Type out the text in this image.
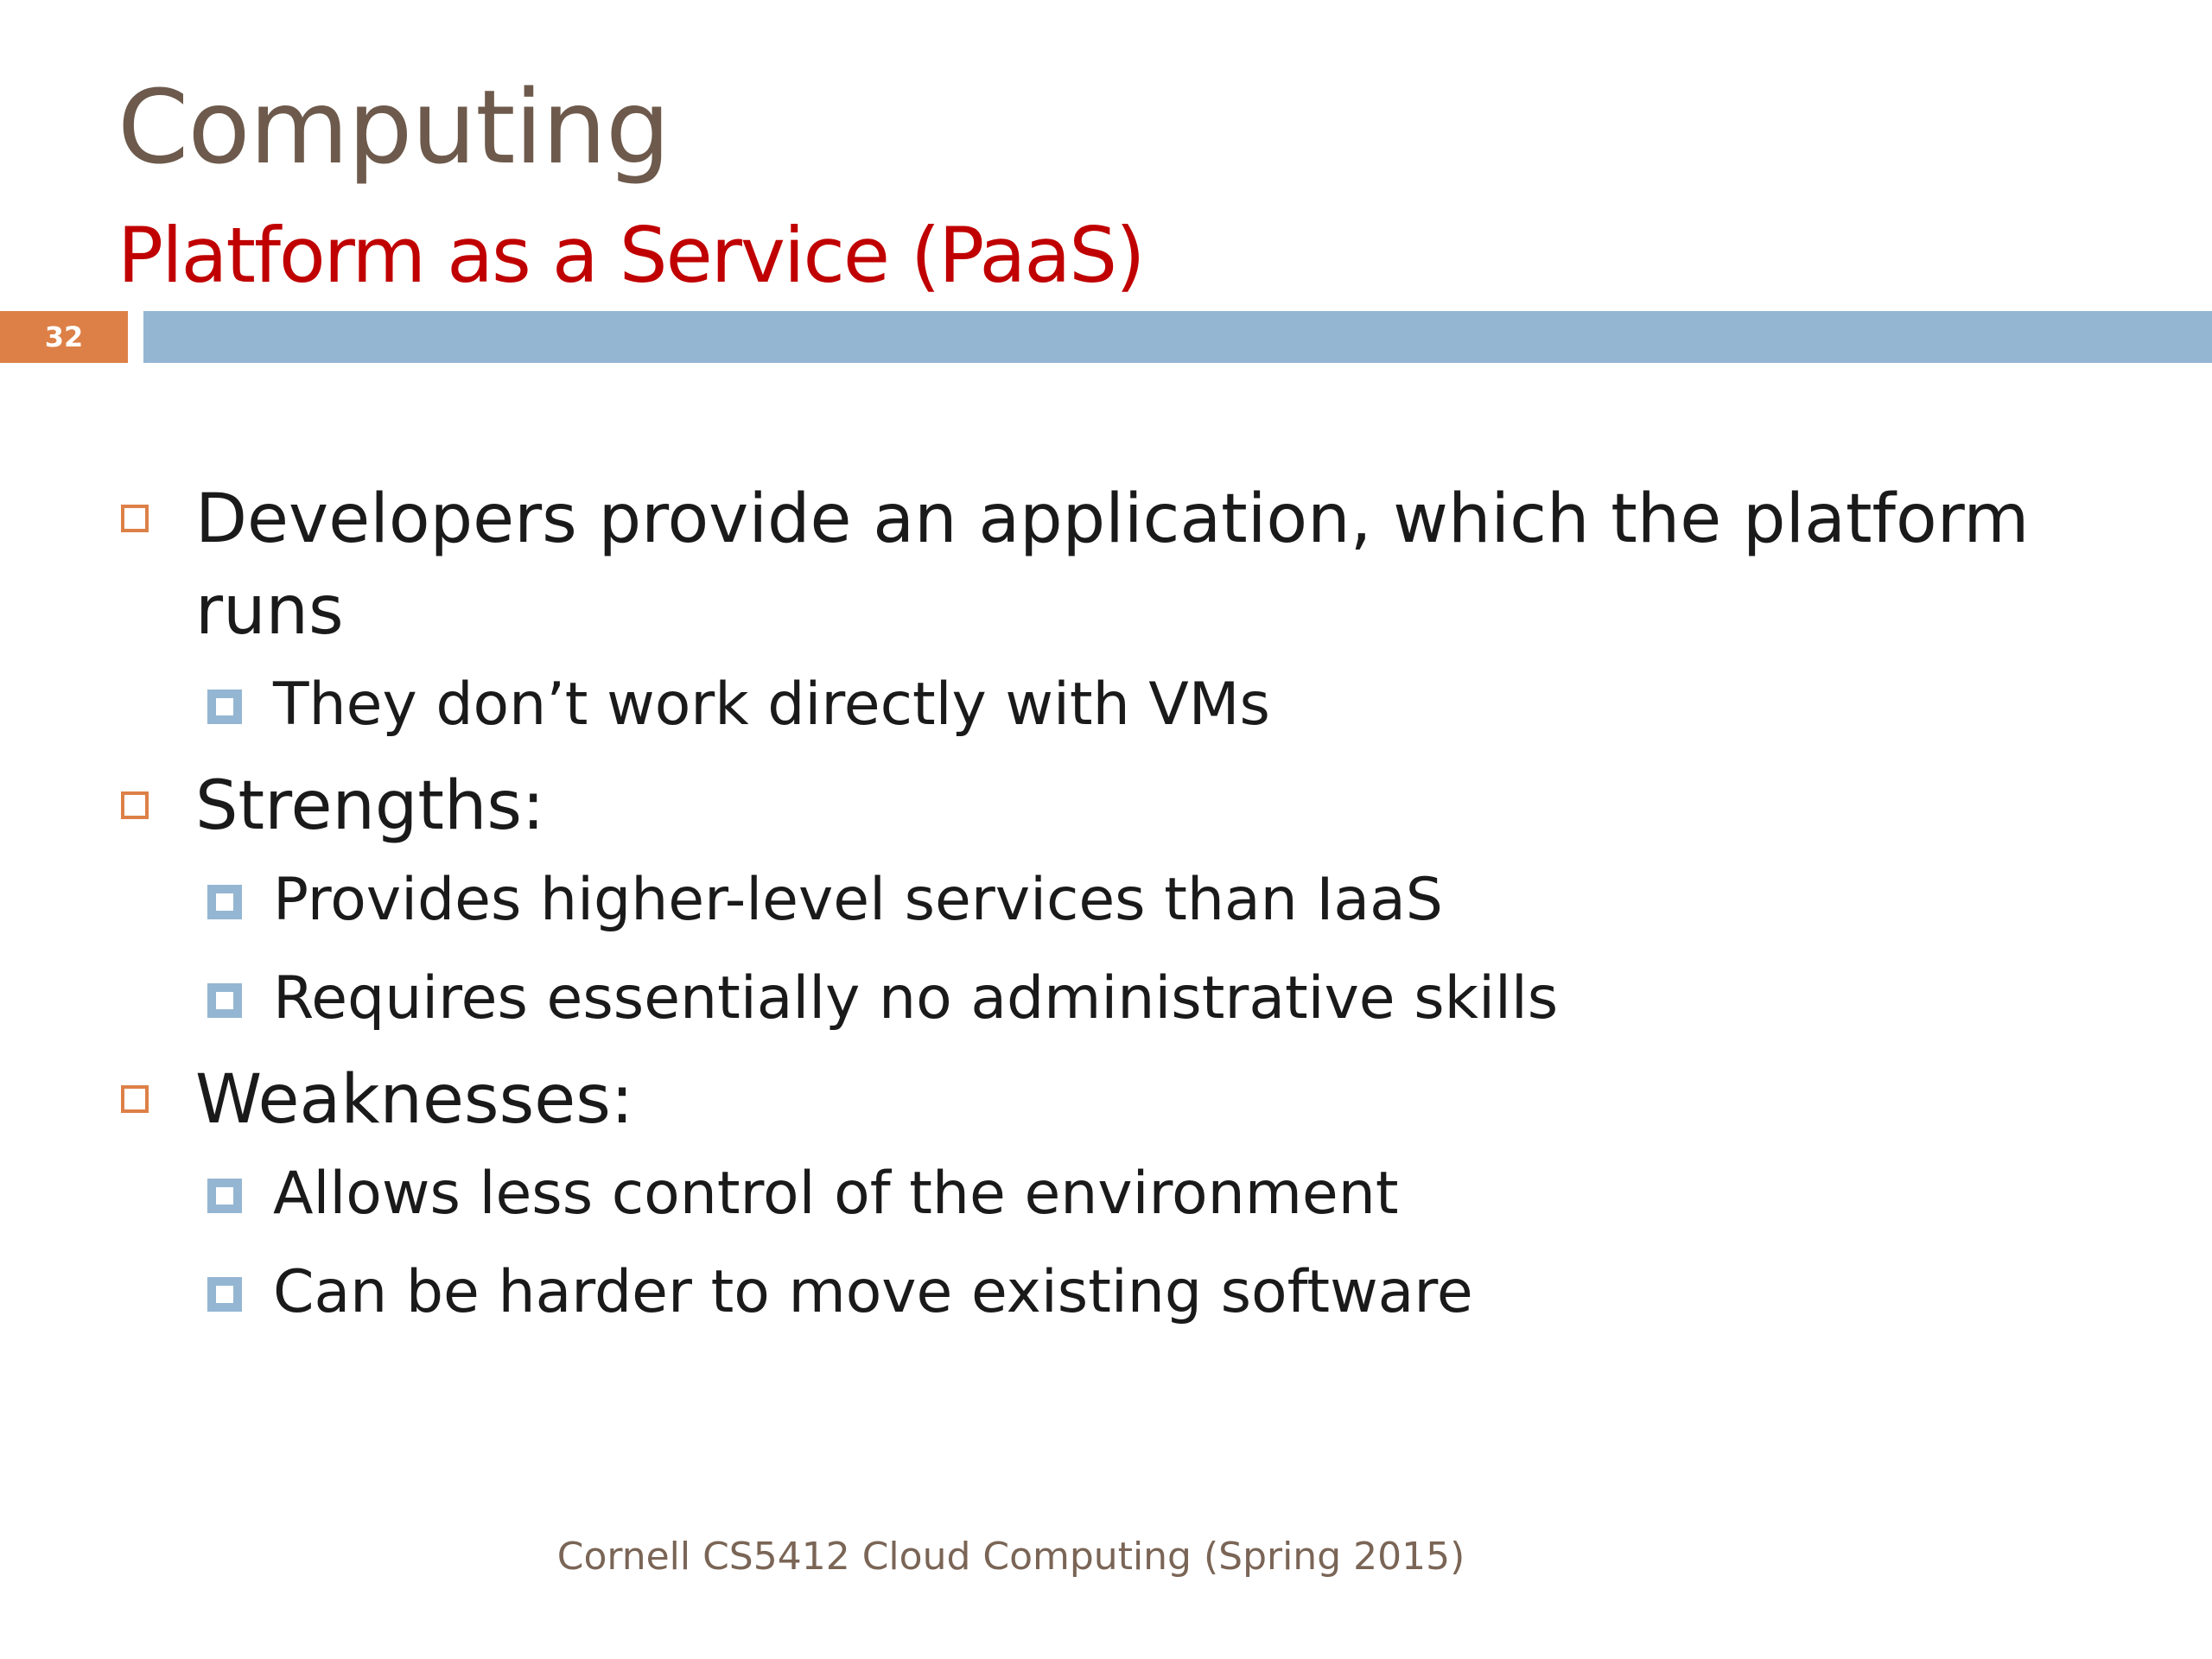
Computing
Platform as a Service (PaaS)
32
Developers provide an application, which the platform runs
They don’t work directly with VMs
Strengths:
Provides higher-level services than IaaS
Requires essentially no administrative skills
Weaknesses:
Allows less control of the environment
Can be harder to move existing software
Cornell CS5412 Cloud Computing (Spring 2015)
